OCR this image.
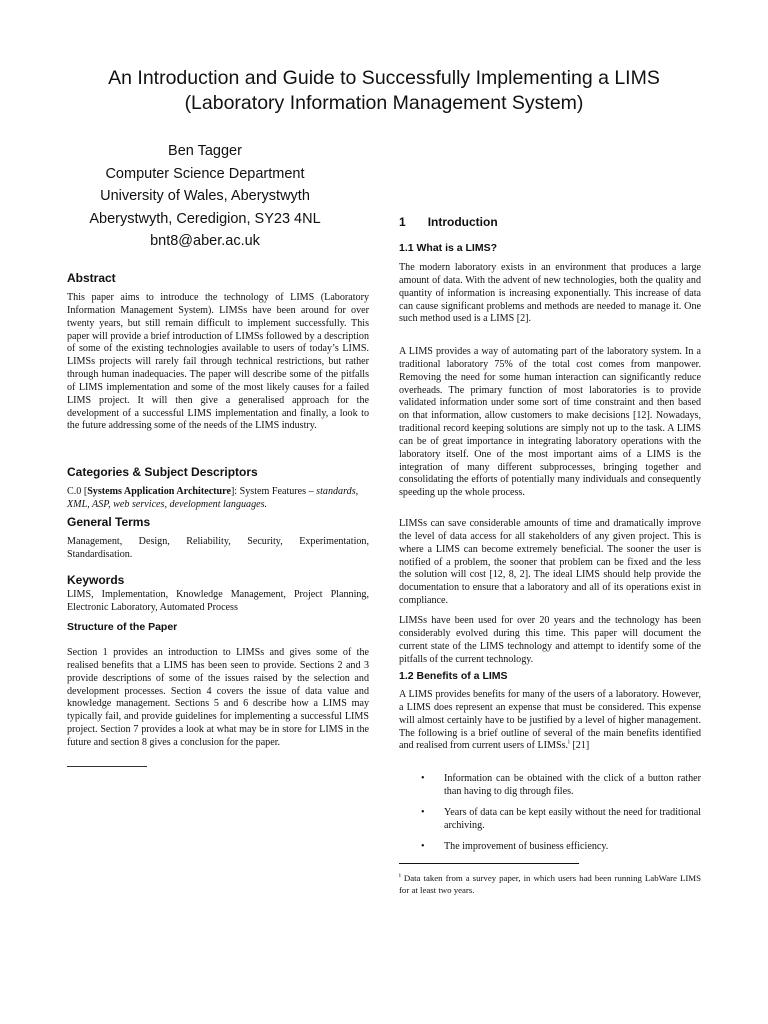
An Introduction and Guide to Successfully Implementing a LIMS
(Laboratory Information Management System)
Ben Tagger
Computer Science Department
University of Wales, Aberystwyth
Aberystwyth, Ceredigion, SY23 4NL
bnt8@aber.ac.uk
Abstract

This paper aims to introduce the technology of LIMS (Laboratory Information Management System). LIMSs have been around for over twenty years, but still remain difficult to implement successfully. This paper will provide a brief introduction of LIMSs followed by a description of some of the existing technologies available to users of today’s LIMS. LIMSs projects will rarely fail through technical restrictions, but rather through human inadequacies. The paper will describe some of the pitfalls of LIMS implementation and some of the most likely causes for a failed LIMS project. It will then give a generalised approach for the development of a successful LIMS implementation and finally, a look to the future addressing some of the needs of the LIMS industry.

Categories & Subject Descriptors

C.0 [Systems Application Architecture]: System Features – standards, XML, ASP, web services, development languages.

General Terms

Management, Design, Reliability, Security, Experimentation, Standardisation.

Keywords

LIMS, Implementation, Knowledge Management, Project Planning, Electronic Laboratory, Automated Process

Structure of the Paper

Section 1 provides an introduction to LIMSs and gives some of the realised benefits that a LIMS has been seen to provide. Sections 2 and 3 provide descriptions of some of the issues raised by the selection and development processes. Section 4 covers the issue of data value and knowledge management. Sections 5 and 6 describe how a LIMS may typically fail, and provide guidelines for implementing a successful LIMS project. Section 7 provides a look at what may be in store for LIMS in the future and section 8 gives a conclusion for the paper.

1 Introduction
1.1 What is a LIMS?

The modern laboratory exists in an environment that produces a large amount of data. With the advent of new technologies, both the quality and quantity of information is increasing exponentially. This increase of data can cause significant problems and methods are needed to manage it. One such method used is a LIMS [2].

A LIMS provides a way of automating part of the laboratory system. In a traditional laboratory 75% of the total cost comes from manpower. Removing the need for some human interaction can significantly reduce overheads. The primary function of most laboratories is to provide validated information under some sort of time constraint and then based on that information, allow customers to make decisions [12]. Nowadays, traditional record keeping solutions are simply not up to the task. A LIMS can be of great importance in integrating laboratory operations with the laboratory itself. One of the most important aims of a LIMS is the integration of many different subprocesses, bringing together and consolidating the efforts of potentially many individuals and consequently speeding up the whole process.

LIMSs can save considerable amounts of time and dramatically improve the level of data access for all stakeholders of any given project. This is where a LIMS can become extremely beneficial. The sooner the user is notified of a problem, the sooner that problem can be fixed and the less the solution will cost [12, 8, 2]. The ideal LIMS should help provide the documentation to ensure that a laboratory and all of its operations exist in compliance.

LIMSs have been used for over 20 years and the technology has been considerably evolved during this time. This paper will document the current state of the LIMS technology and attempt to identify some of the pitfalls of the current technology.

1.2 Benefits of a LIMS

A LIMS provides benefits for many of the users of a laboratory. However, a LIMS does represent an expense that must be considered. This expense will almost certainly have to be justified by a level of higher management. The following is a brief outline of several of the main benefits identified and realised from current users of LIMSs.$^i$ [21]

• Information can be obtained with the click of a button rather than having to dig through files.
• Years of data can be kept easily without the need for traditional archiving.
• The improvement of business efficiency.
$^i$ Data taken from a survey paper, in which users had been running LabWare LIMS for at least two years.
